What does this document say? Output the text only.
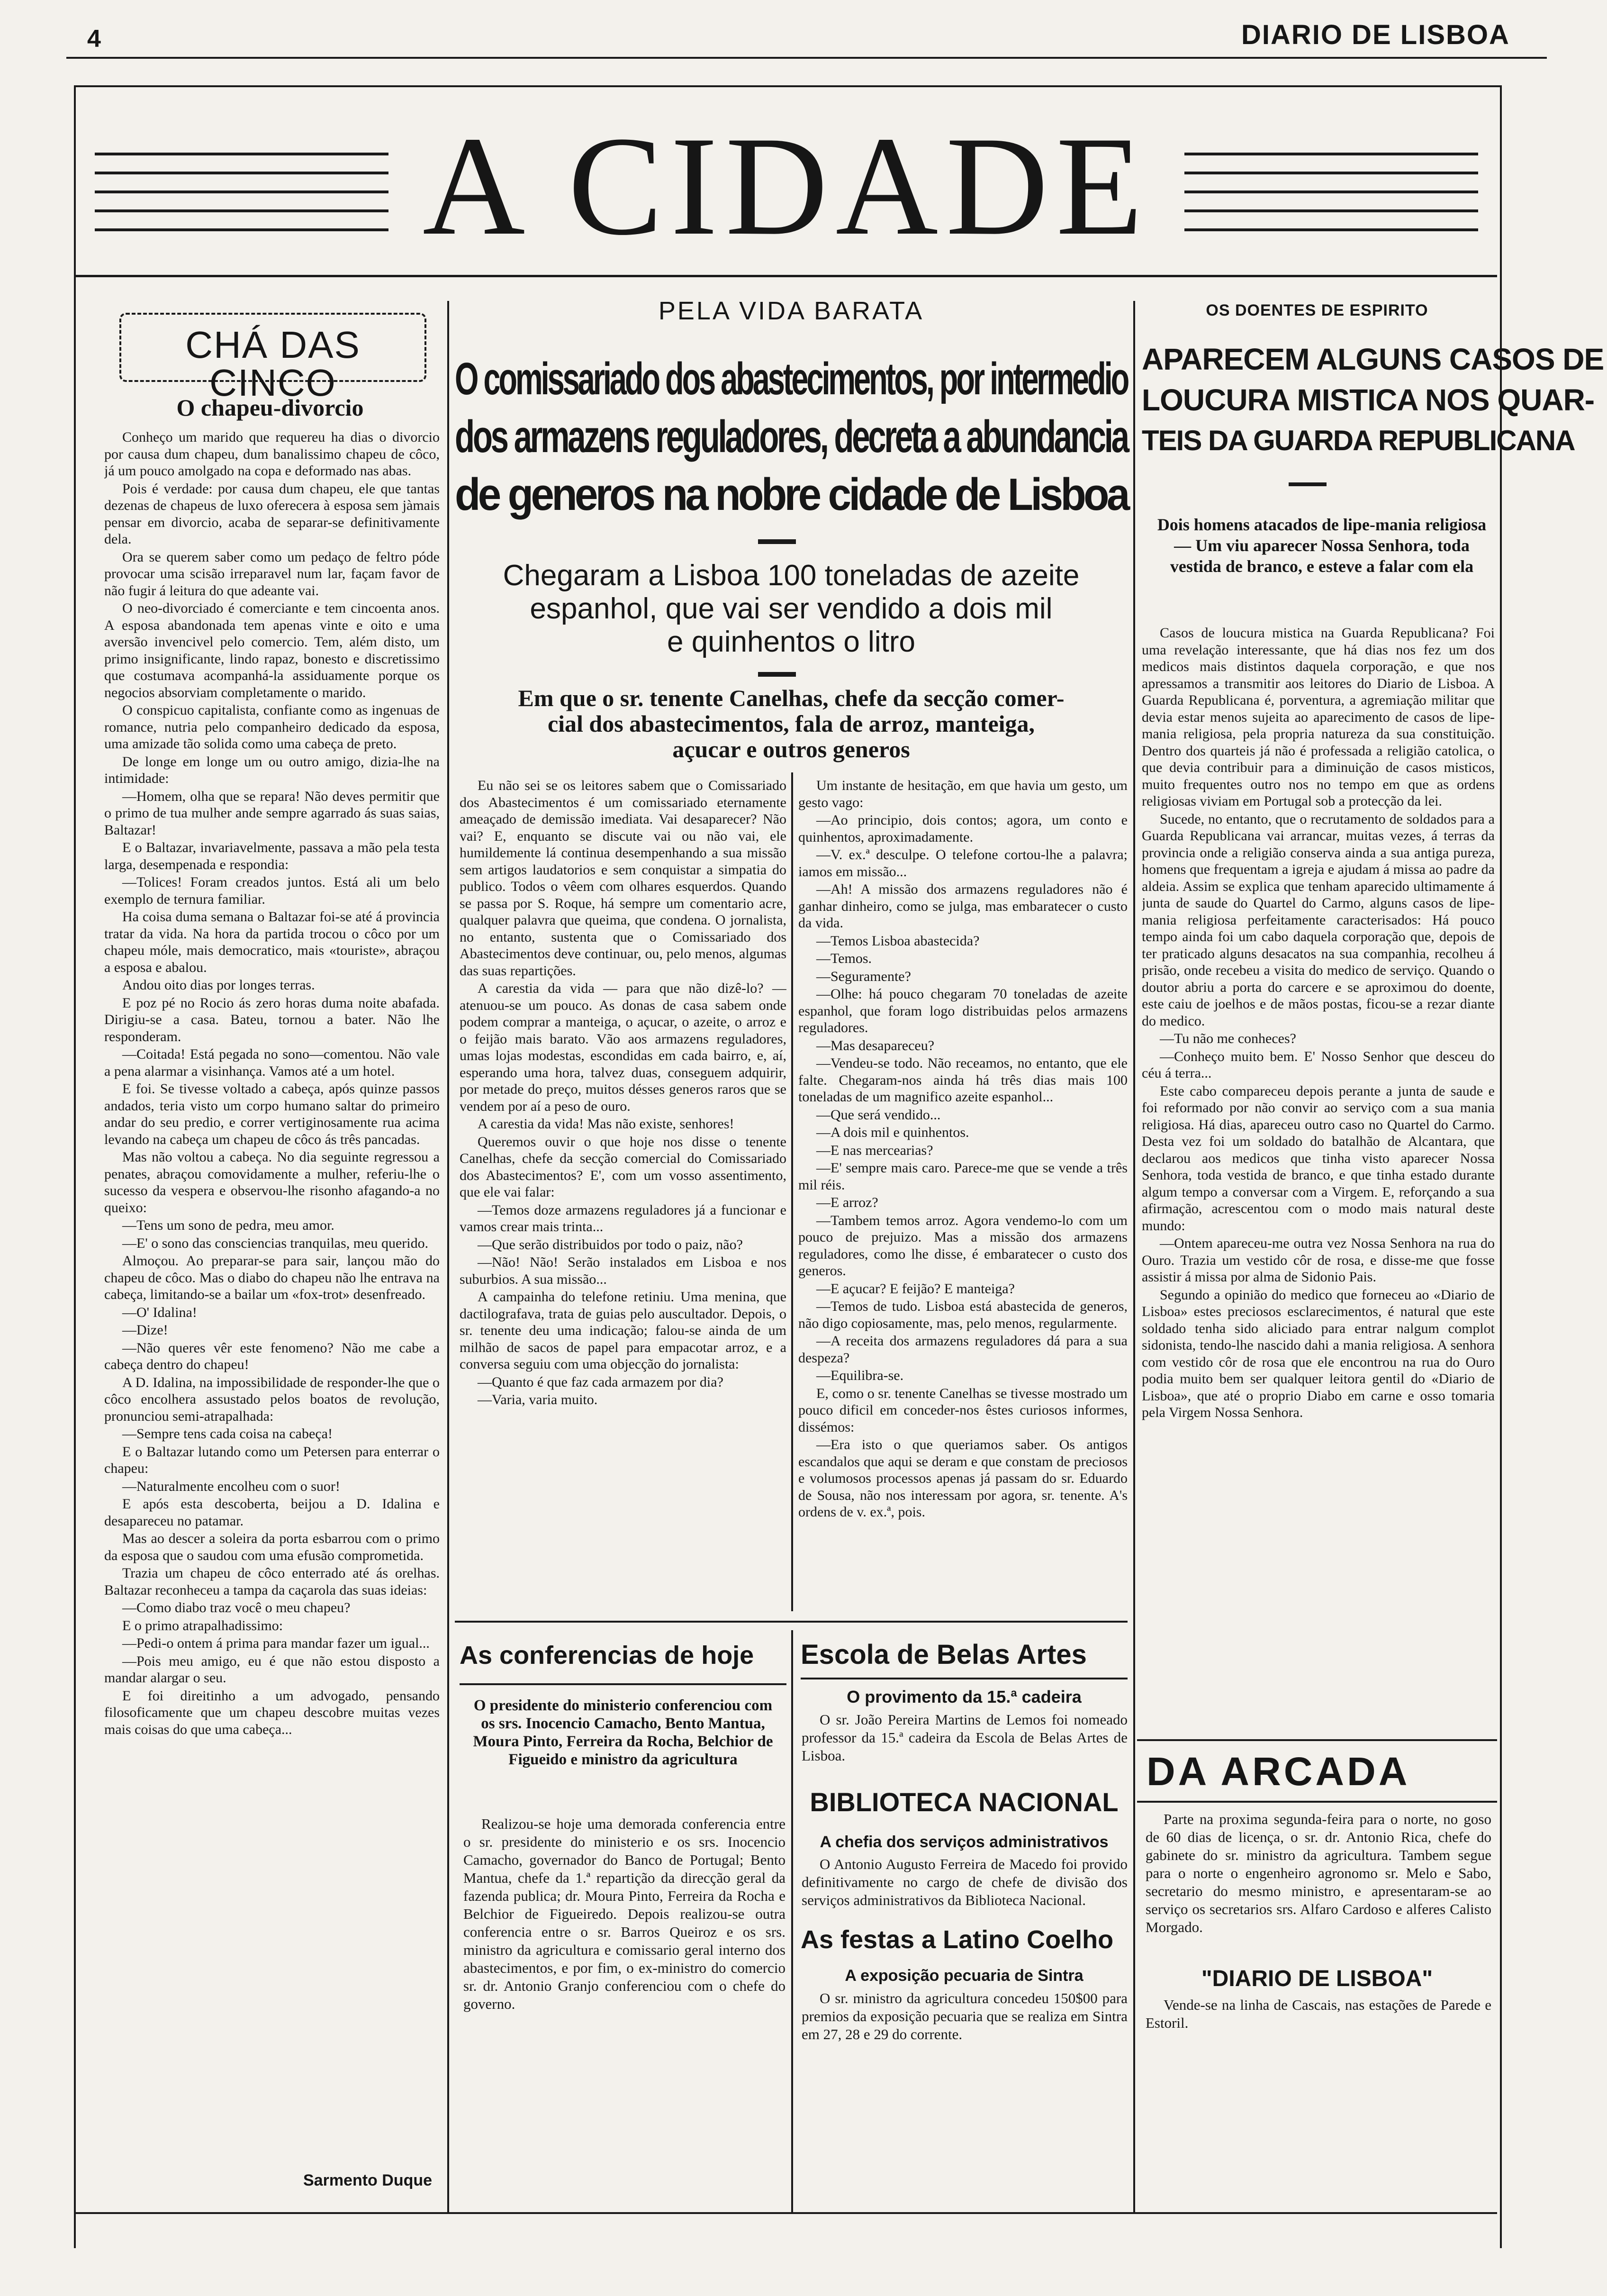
4	DIARIO DE LISBOA
A CIDADE
CHÁ DAS CINCO
O chapeu-divorcio

Conheço um marido que requereu ha dias o divorcio por causa dum chapeu, dum banalissimo chapeu de côco, já um pouco amolgado na copa e deformado nas abas.

Pois é verdade: por causa dum chapeu, ele que tantas dezenas de chapeus de luxo oferecera à esposa sem jàmais pensar em divorcio, acaba de separar-se definitivamente dela.

Ora se querem saber como um pedaço de feltro póde provocar uma scisão irreparavel num lar, façam favor de não fugir á leitura do que adeante vai.

O neo-divorciado é comerciante e tem cincoenta anos. A esposa abandonada tem apenas vinte e oito e uma aversão invencivel pelo comercio. Tem, além disto, um primo insignificante, lindo rapaz, bonesto e discretissimo que costumava acompanhá-la assiduamente porque os negocios absorviam completamente o marido.

O conspicuo capitalista, confiante como as ingenuas de romance, nutria pelo companheiro dedicado da esposa, uma amizade tão solida como uma cabeça de preto.

De longe em longe um ou outro amigo, dizia-lhe na intimidade:

—Homem, olha que se repara! Não deves permitir que o primo de tua mulher ande sempre agarrado ás suas saias, Baltazar!

E o Baltazar, invariavelmente, passava a mão pela testa larga, desempenada e respondia:

—Tolices! Foram creados juntos. Está ali um belo exemplo de ternura familiar.

Ha coisa duma semana o Baltazar foi-se até á provincia tratar da vida. Na hora da partida trocou o côco por um chapeu móle, mais democratico, mais «touriste», abraçou a esposa e abalou.

Andou oito dias por longes terras.

E poz pé no Rocio ás zero horas duma noite abafada. Dirigiu-se a casa. Bateu, tornou a bater. Não lhe responderam.

—Coitada! Está pegada no sono—comentou. Não vale a pena alarmar a visinhança. Vamos até a um hotel.

E foi. Se tivesse voltado a cabeça, após quinze passos andados, teria visto um corpo humano saltar do primeiro andar do seu predio, e correr vertiginosamente rua acima levando na cabeça um chapeu de côco ás três pancadas.

Mas não voltou a cabeça. No dia seguinte regressou a penates, abraçou comovidamente a mulher, referiu-lhe o sucesso da vespera e observou-lhe risonho afagando-a no queixo:

—Tens um sono de pedra, meu amor.

—E' o sono das consciencias tranquilas, meu querido.

Almoçou. Ao preparar-se para sair, lançou mão do chapeu de côco. Mas o diabo do chapeu não lhe entrava na cabeça, limitando-se a bailar um «fox-trot» desenfreado.

—O' Idalina!

—Dize!

—Não queres vêr este fenomeno? Não me cabe a cabeça dentro do chapeu!

A D. Idalina, na impossibilidade de responder-lhe que o côco encolhera assustado pelos boatos de revolução, pronunciou semi-atrapalhada:

—Sempre tens cada coisa na cabeça!

E o Baltazar lutando como um Petersen para enterrar o chapeu:

—Naturalmente encolheu com o suor!

E após esta descoberta, beijou a D. Idalina e desapareceu no patamar.

Mas ao descer a soleira da porta esbarrou com o primo da esposa que o saudou com uma efusão comprometida.

Trazia um chapeu de côco enterrado até ás orelhas. Baltazar reconheceu a tampa da caçarola das suas ideias:

—Como diabo traz você o meu chapeu?

E o primo atrapalhadissimo:

—Pedi-o ontem á prima para mandar fazer um igual...

—Pois meu amigo, eu é que não estou disposto a mandar alargar o seu.

E foi direitinho a um advogado, pensando filosoficamente que um chapeu descobre muitas vezes mais coisas do que uma cabeça...

Sarmento Duque
PELA VIDA BARATA
O comissariado dos abastecimentos, por intermedio
dos armazens reguladores, decreta a abundancia
de generos na nobre cidade de Lisboa
Chegaram a Lisboa 100 toneladas de azeite
espanhol, que vai ser vendido a dois mil
e quinhentos o litro
Em que o sr. tenente Canelhas, chefe da secção comer-
cial dos abastecimentos, fala de arroz, manteiga,
açucar e outros generos

Eu não sei se os leitores sabem que o Comissariado dos Abastecimentos é um comissariado eternamente ameaçado de demissão imediata. Vai desaparecer? Não vai? E, enquanto se discute vai ou não vai, ele humildemente lá continua desempenhando a sua missão sem artigos laudatorios e sem conquistar a simpatia do publico. Todos o vêem com olhares esquerdos. Quando se passa por S. Roque, há sempre um comentario acre, qualquer palavra que queima, que condena. O jornalista, no entanto, sustenta que o Comissariado dos Abastecimentos deve continuar, ou, pelo menos, algumas das suas repartições.

A carestia da vida — para que não dizê-lo? — atenuou-se um pouco. As donas de casa sabem onde podem comprar a manteiga, o açucar, o azeite, o arroz e o feijão mais barato. Vão aos armazens reguladores, umas lojas modestas, escondidas em cada bairro, e, aí, esperando uma hora, talvez duas, conseguem adquirir, por metade do preço, muitos désses generos raros que se vendem por aí a peso de ouro.

A carestia da vida! Mas não existe, senhores!

Queremos ouvir o que hoje nos disse o tenente Canelhas, chefe da secção comercial do Comissariado dos Abastecimentos? E', com um vosso assentimento, que ele vai falar:

—Temos doze armazens reguladores já a funcionar e vamos crear mais trinta...

—Que serão distribuidos por todo o paiz, não?

—Não! Não! Serão instalados em Lisboa e nos suburbios. A sua missão...

A campainha do telefone retiniu. Uma menina, que dactilografava, trata de guias pelo auscultador. Depois, o sr. tenente deu uma indicação; falou-se ainda de um milhão de sacos de papel para empacotar arroz, e a conversa seguiu com uma objecção do jornalista:

—Quanto é que faz cada armazem por dia?

—Varia, varia muito.

Um instante de hesitação, em que havia um gesto, um gesto vago:

—Ao principio, dois contos; agora, um conto e quinhentos, aproximadamente.

—V. ex.ª desculpe. O telefone cortou-lhe a palavra; iamos em missão...

—Ah! A missão dos armazens reguladores não é ganhar dinheiro, como se julga, mas embaratecer o custo da vida.

—Temos Lisboa abastecida?

—Temos.

—Seguramente?

—Olhe: há pouco chegaram 70 toneladas de azeite espanhol, que foram logo distribuidas pelos armazens reguladores.

—Mas desapareceu?

—Vendeu-se todo. Não receamos, no entanto, que ele falte. Chegaram-nos ainda há três dias mais 100 toneladas de um magnifico azeite espanhol...

—Que será vendido...

—A dois mil e quinhentos.

—E nas mercearias?

—E' sempre mais caro. Parece-me que se vende a três mil réis.

—E arroz?

—Tambem temos arroz. Agora vendemo-lo com um pouco de prejuizo. Mas a missão dos armazens reguladores, como lhe disse, é embaratecer o custo dos generos.

—E açucar? E feijão? E manteiga?

—Temos de tudo. Lisboa está abastecida de generos, não digo copiosamente, mas, pelo menos, regularmente.

—A receita dos armazens reguladores dá para a sua despeza?

—Equilibra-se.

E, como o sr. tenente Canelhas se tivesse mostrado um pouco dificil em conceder-nos êstes curiosos informes, dissémos:

—Era isto o que queriamos saber. Os antigos escandalos que aqui se deram e que constam de preciosos e volumosos processos apenas já passam do sr. Eduardo de Sousa, não nos interessam por agora, sr. tenente. A's ordens de v. ex.ª, pois.

As conferencias de hoje
O presidente do ministerio conferenciou com os srs. Inocencio Camacho, Bento Mantua, Moura Pinto, Ferreira da Rocha, Belchior de Figueido e ministro da agricultura
Realizou-se hoje uma demorada conferencia entre o sr. presidente do ministerio e os srs. Inocencio Camacho, governador do Banco de Portugal; Bento Mantua, chefe da 1.ª repartição da direcção geral da fazenda publica; dr. Moura Pinto, Ferreira da Rocha e Belchior de Figueiredo. Depois realizou-se outra conferencia entre o sr. Barros Queiroz e os srs. ministro da agricultura e comissario geral interno dos abastecimentos, e por fim, o ex-ministro do comercio sr. dr. Antonio Granjo conferenciou com o chefe do governo.
Escola de Belas Artes
O provimento da 15.ª cadeira
O sr. João Pereira Martins de Lemos foi nomeado professor da 15.ª cadeira da Escola de Belas Artes de Lisboa.
BIBLIOTECA NACIONAL
A chefia dos serviços administrativos
O Antonio Augusto Ferreira de Macedo foi provido definitivamente no cargo de chefe de divisão dos serviços administrativos da Biblioteca Nacional.
As festas a Latino Coelho
A exposição pecuaria de Sintra
O sr. ministro da agricultura concedeu 150$00 para premios da exposição pecuaria que se realiza em Sintra em 27, 28 e 29 do corrente.
OS DOENTES DE ESPIRITO
APARECEM ALGUNS CASOS DE
LOUCURA MISTICA NOS QUAR-
TEIS DA GUARDA REPUBLICANA
Dois homens atacados de lipe-mania religiosa — Um viu aparecer Nossa Senhora, toda vestida de branco, e esteve a falar com ela

Casos de loucura mistica na Guarda Republicana? Foi uma revelação interessante, que há dias nos fez um dos medicos mais distintos daquela corporação, e que nos apressamos a transmitir aos leitores do Diario de Lisboa. A Guarda Republicana é, porventura, a agremiação militar que devia estar menos sujeita ao aparecimento de casos de lipe-mania religiosa, pela propria natureza da sua constituição. Dentro dos quarteis já não é professada a religião catolica, o que devia contribuir para a diminuição de casos misticos, muito frequentes outro nos no tempo em que as ordens religiosas viviam em Portugal sob a protecção da lei.

Sucede, no entanto, que o recrutamento de soldados para a Guarda Republicana vai arrancar, muitas vezes, á terras da provincia onde a religião conserva ainda a sua antiga pureza, homens que frequentam a igreja e ajudam á missa ao padre da aldeia. Assim se explica que tenham aparecido ultimamente á junta de saude do Quartel do Carmo, alguns casos de lipe-mania religiosa perfeitamente caracterisados: Há pouco tempo ainda foi um cabo daquela corporação que, depois de ter praticado alguns desacatos na sua companhia, recolheu á prisão, onde recebeu a visita do medico de serviço. Quando o doutor abriu a porta do carcere e se aproximou do doente, este caiu de joelhos e de mãos postas, ficou-se a rezar diante do medico.

—Tu não me conheces?

—Conheço muito bem. E' Nosso Senhor que desceu do céu á terra...

Este cabo compareceu depois perante a junta de saude e foi reformado por não convir ao serviço com a sua mania religiosa. Há dias, apareceu outro caso no Quartel do Carmo. Desta vez foi um soldado do batalhão de Alcantara, que declarou aos medicos que tinha visto aparecer Nossa Senhora, toda vestida de branco, e que tinha estado durante algum tempo a conversar com a Virgem. E, reforçando a sua afirmação, acrescentou com o modo mais natural deste mundo:

—Ontem apareceu-me outra vez Nossa Senhora na rua do Ouro. Trazia um vestido côr de rosa, e disse-me que fosse assistir á missa por alma de Sidonio Pais.

Segundo a opinião do medico que forneceu ao «Diario de Lisboa» estes preciosos esclarecimentos, é natural que este soldado tenha sido aliciado para entrar nalgum complot sidonista, tendo-lhe nascido dahi a mania religiosa. A senhora com vestido côr de rosa que ele encontrou na rua do Ouro podia muito bem ser qualquer leitora gentil do «Diario de Lisboa», que até o proprio Diabo em carne e osso tomaria pela Virgem Nossa Senhora.

DA ARCADA
Parte na proxima segunda-feira para o norte, no goso de 60 dias de licença, o sr. dr. Antonio Rica, chefe do gabinete do sr. ministro da agricultura. Tambem segue para o norte o engenheiro agronomo sr. Melo e Sabo, secretario do mesmo ministro, e apresentaram-se ao serviço os secretarios srs. Alfaro Cardoso e alferes Calisto Morgado.
"DIARIO DE LISBOA"
Vende-se na linha de Cascais, nas estações de Parede e Estoril.
